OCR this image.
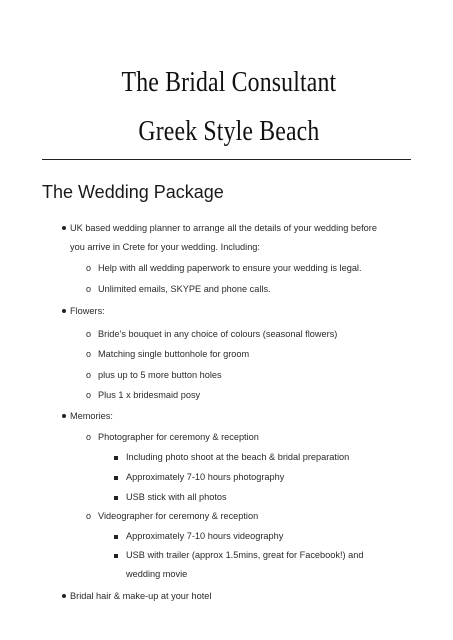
The Bridal Consultant
Greek Style Beach
The Wedding Package
UK based wedding planner to arrange all the details of your wedding before
you arrive in Crete for your wedding. Including:
o Help with all wedding paperwork to ensure your wedding is legal.
o Unlimited emails, SKYPE and phone calls.
Flowers:
o Bride’s bouquet in any choice of colours (seasonal flowers)
o Matching single buttonhole for groom
o plus up to 5 more button holes
o Plus 1 x bridesmaid posy
Memories:
o Photographer for ceremony & reception
Including photo shoot at the beach & bridal preparation
Approximately 7-10 hours photography
USB stick with all photos
o Videographer for ceremony & reception
Approximately 7-10 hours videography
USB with trailer (approx 1.5mins, great for Facebook!) and
wedding movie
Bridal hair & make-up at your hotel
